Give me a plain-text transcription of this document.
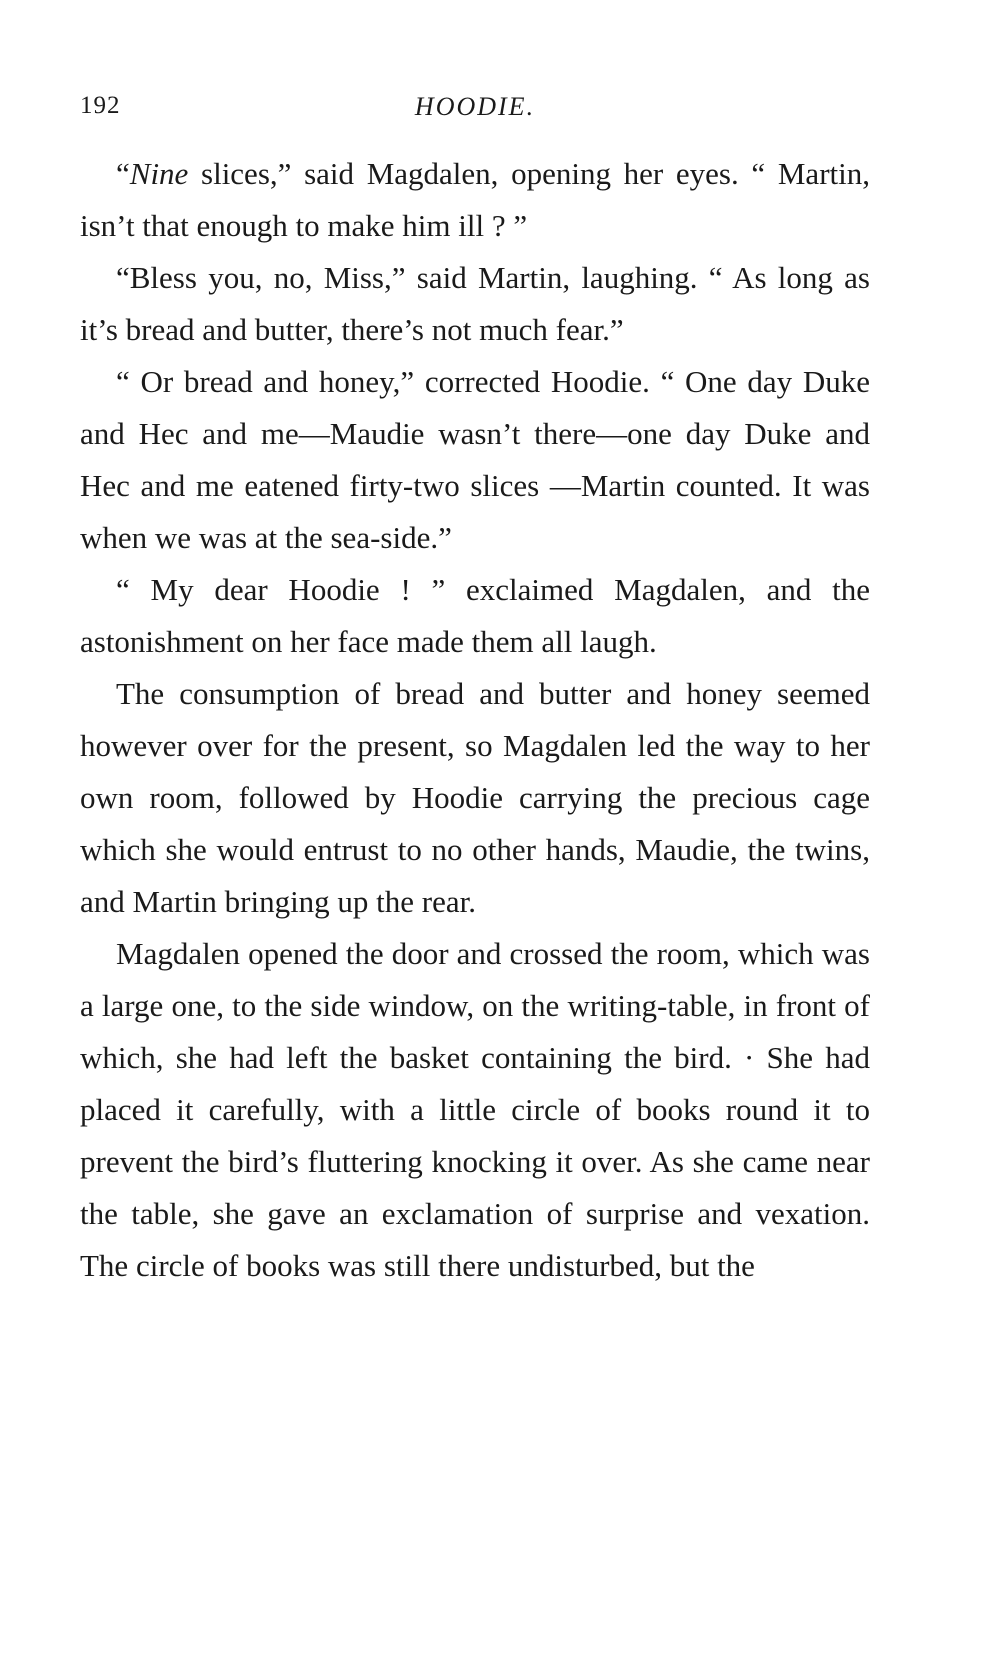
192	HOODIE.

“Nine slices,” said Magdalen, opening her eyes. “ Martin, isn’t that enough to make him ill ? ”

“Bless you, no, Miss,” said Martin, laughing. “ As long as it’s bread and butter, there’s not much fear.”

“ Or bread and honey,” corrected Hoodie. “ One day Duke and Hec and me—Maudie wasn’t there—one day Duke and Hec and me eatened firty-two slices —Martin counted. It was when we was at the sea-side.”

“ My dear Hoodie ! ” exclaimed Magdalen, and the astonishment on her face made them all laugh.

The consumption of bread and butter and honey seemed however over for the present, so Magdalen led the way to her own room, followed by Hoodie carrying the precious cage which she would entrust to no other hands, Maudie, the twins, and Martin bringing up the rear.

Magdalen opened the door and crossed the room, which was a large one, to the side window, on the writing-table, in front of which, she had left the basket containing the bird. · She had placed it carefully, with a little circle of books round it to prevent the bird’s fluttering knocking it over. As she came near the table, she gave an exclamation of surprise and vexation. The circle of books was still there undisturbed, but the
